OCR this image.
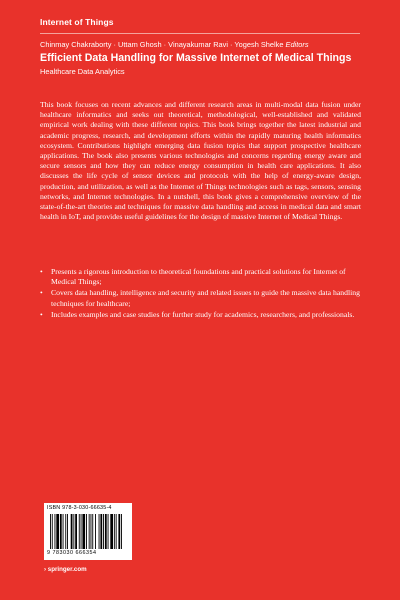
Internet of Things
Chinmay Chakraborty · Uttam Ghosh · Vinayakumar Ravi · Yogesh Shelke Editors
Efficient Data Handling for Massive Internet of Medical Things
Healthcare Data Analytics
This book focuses on recent advances and different research areas in multi-modal data fusion under healthcare informatics and seeks out theoretical, methodological, well-established and validated empirical work dealing with these different topics. This book brings together the latest industrial and academic progress, research, and development efforts within the rapidly maturing health informatics ecosystem. Contributions highlight emerging data fusion topics that support prospective healthcare applications. The book also presents various technologies and concerns regarding energy aware and secure sensors and how they can reduce energy consumption in health care applications. It also discusses the life cycle of sensor devices and protocols with the help of energy-aware design, production, and utilization, as well as the Internet of Things technologies such as tags, sensors, sensing networks, and Internet technologies. In a nutshell, this book gives a comprehensive overview of the state-of-the-art theories and techniques for massive data handling and access in medical data and smart health in IoT, and provides useful guidelines for the design of massive Internet of Medical Things.
• Presents a rigorous introduction to theoretical foundations and practical solutions for Internet of Medical Things;
• Covers data handling, intelligence and security and related issues to guide the massive data handling techniques for healthcare;
• Includes examples and case studies for further study for academics, researchers, and professionals.
ISBN 978-3-030-66635-4
9 783030 666354
› springer.com
